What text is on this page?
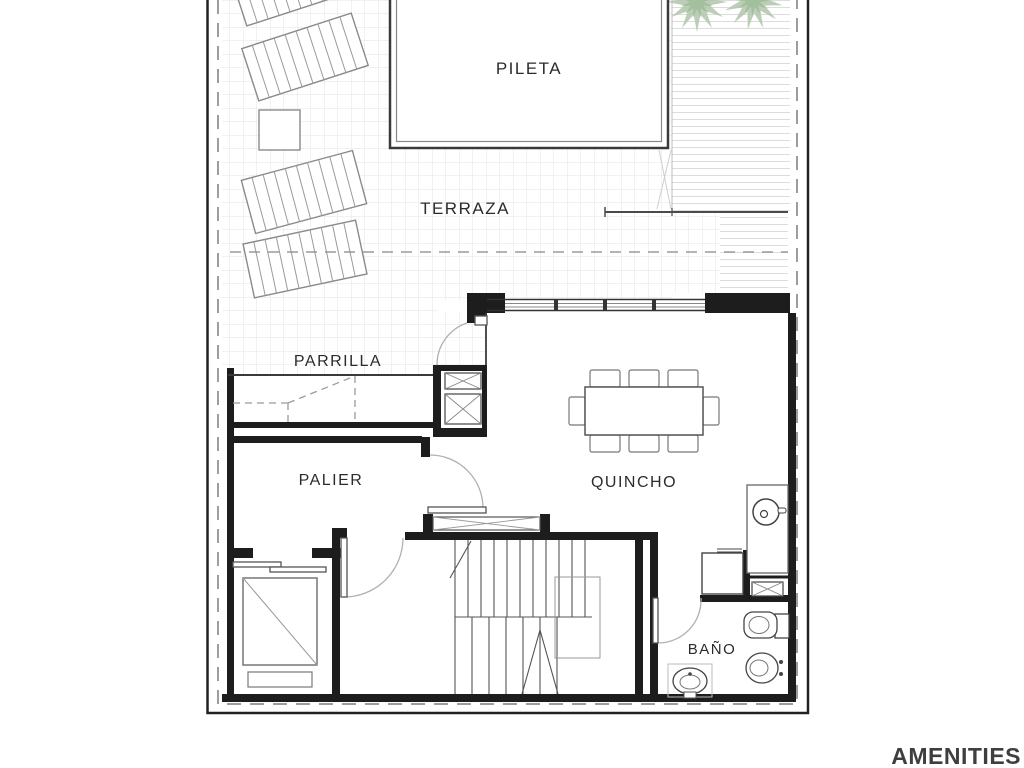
PILETA
TERRAZA
PARRILLA
PALIER	QUINCHO
BAÑO
AMENITIES
